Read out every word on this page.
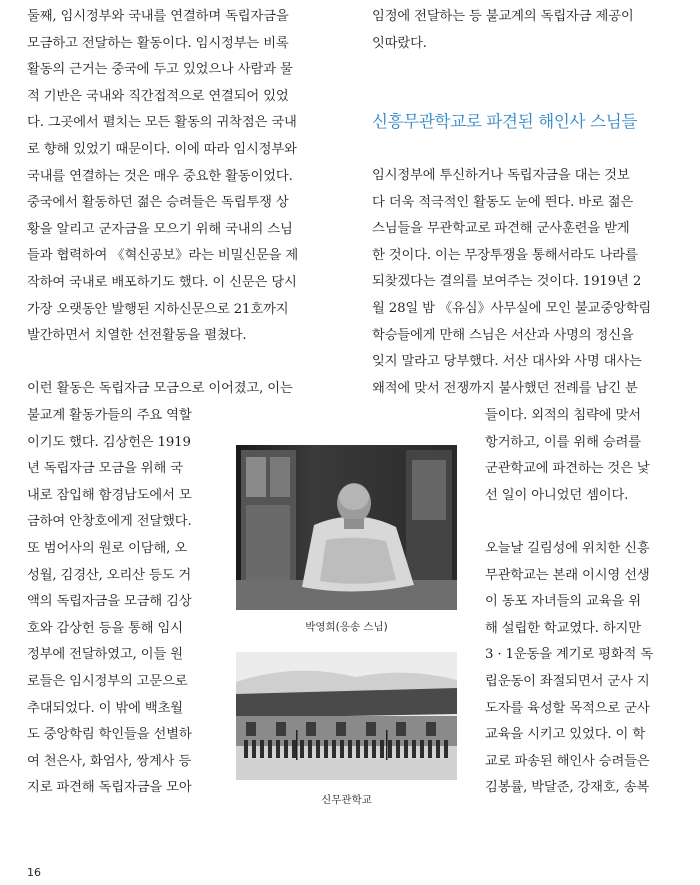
둘째, 임시정부와 국내를 연결하며 독립자금을
모금하고 전달하는 활동이다. 임시정부는 비록
활동의 근거는 중국에 두고 있었으나 사람과 물
적 기반은 국내와 직간접적으로 연결되어 있었
다. 그곳에서 펼치는 모든 활동의 귀착점은 국내
로 향해 있었기 때문이다. 이에 따라 임시정부와
국내를 연결하는 것은 매우 중요한 활동이었다.
중국에서 활동하던 젊은 승려들은 독립투쟁 상
황을 알리고 군자금을 모으기 위해 국내의 스님
들과 협력하여 《혁신공보》라는 비밀신문을 제
작하여 국내로 배포하기도 했다. 이 신문은 당시
가장 오랫동안 발행된 지하신문으로 21호까지
발간하면서 치열한 선전활동을 펼쳤다.
이런 활동은 독립자금 모금으로 이어졌고, 이는
불교계 활동가들의 주요 역할
이기도 했다. 김상헌은 1919
년 독립자금 모금을 위해 국
내로 잠입해 함경남도에서 모
금하여 안창호에게 전달했다.
또 범어사의 원로 이담해, 오
성월, 김경산, 오리산 등도 거
액의 독립자금을 모금해 김상
호와 감상헌 등을 통해 임시
정부에 전달하였고, 이들 원
로들은 임시정부의 고문으로
추대되었다. 이 밖에 백초월
도 중앙학림 학인들을 선별하
여 천은사, 화엄사, 쌍계사 등
지로 파견해 독립자금을 모아
임정에 전달하는 등 불교계의 독립자금 제공이
잇따랐다.
신흥무관학교로 파견된 해인사 스님들
임시정부에 투신하거나 독립자금을 대는 것보
다 더욱 적극적인 활동도 눈에 띈다. 바로 젊은
스님들을 무관학교로 파견해 군사훈련을 받게
한 것이다. 이는 무장투쟁을 통해서라도 나라를
되찾겠다는 결의를 보여주는 것이다. 1919년 2
월 28일 밤 《유심》사무실에 모인 불교중앙학림
학승들에게 만해 스님은 서산과 사명의 정신을
잊지 말라고 당부했다. 서산 대사와 사명 대사는
왜적에 맞서 전쟁까지 불사했던 전례를 남긴 분
들이다. 외적의 침략에 맞서
항거하고, 이를 위해 승려를
군관학교에 파견하는 것은 낯
선 일이 아니었던 셈이다.
오늘날 길림성에 위치한 신흥
무관학교는 본래 이시영 선생
이 동포 자녀들의 교육을 위
해 설립한 학교였다. 하지만
3 · 1운동을 계기로 평화적 독
립운동이 좌절되면서 군사 지
도자를 육성할 목적으로 군사
교육을 시키고 있었다. 이 학
교로 파송된 해인사 승려들은
김봉률, 박달준, 강재호, 송복
박영희(응송 스님)
신무관학교
16
